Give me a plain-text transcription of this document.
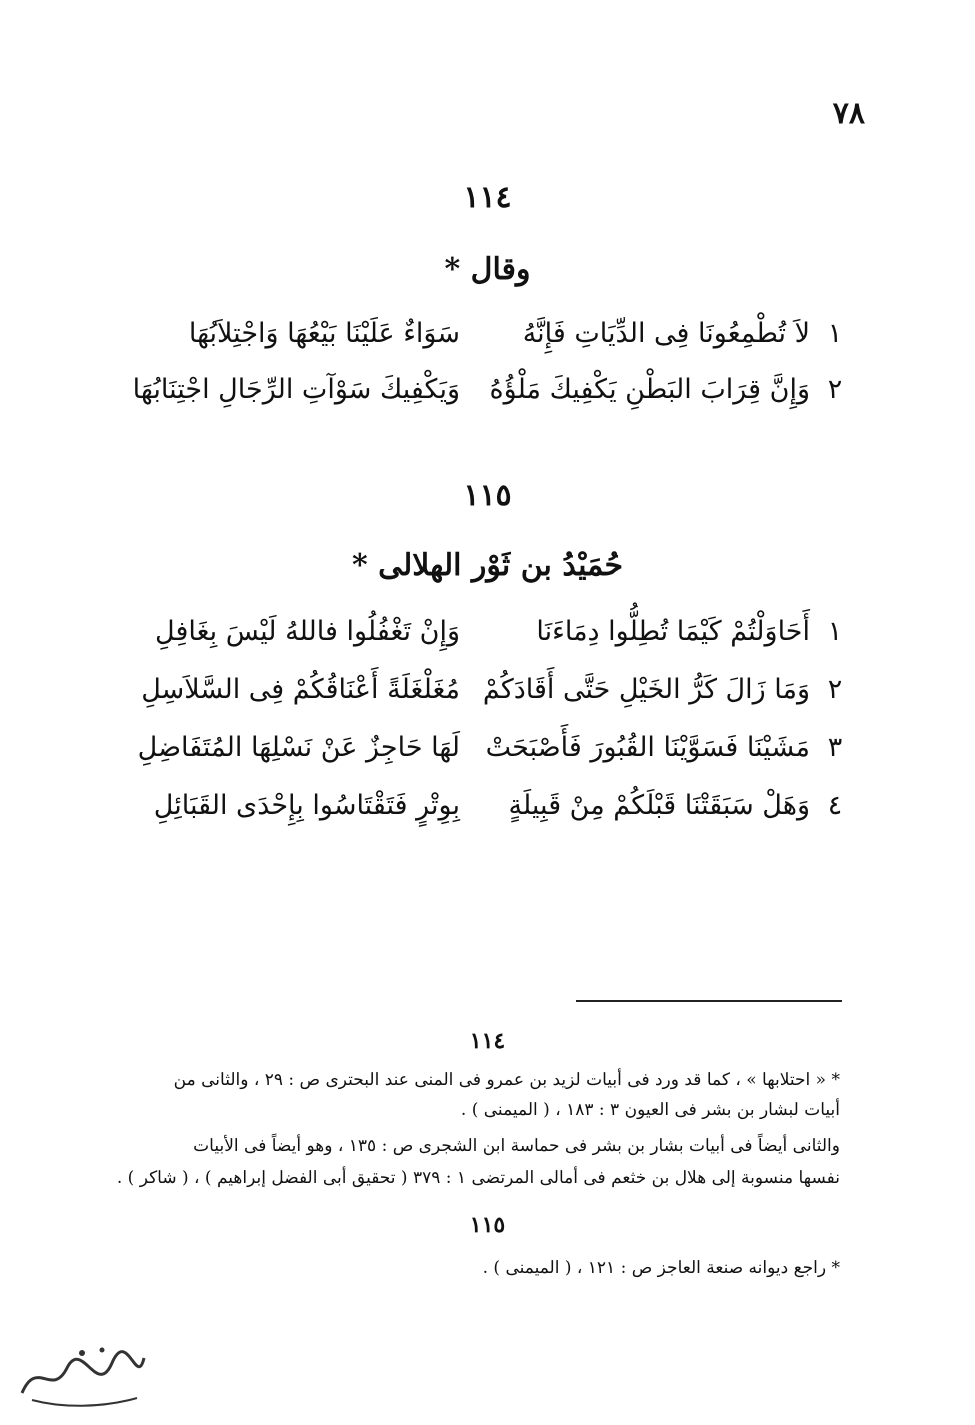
٧٨
١١٤
وقال *
١
لاَ تُطْمِعُونَا فِى الدِّيَاتِ فَإِنَّهُ
سَوَاءٌ عَلَيْنَا بَيْعُهَا وَاجْتِلاَبُهَا
٢
وَإِنَّ قِرَابَ البَطْنِ يَكْفِيكَ مَلْؤُهُ
وَيَكْفِيكَ سَوْآتِ الرِّجَالِ اجْتِنَابُهَا
١١٥
حُمَيْدُ بن ثَوْر الهلالى *
١
أَحَاوَلْتُمْ كَيْمَا تُطِلُّوا دِمَاءَنَا
وَإِنْ تَغْفُلُوا فاللهُ لَيْسَ بِغَافِلِ
٢
وَمَا زَالَ كَرُّ الخَيْلِ حَتَّى أَقَادَكُمْ
مُغَلْغَلَةً أَعْنَاقُكُمْ فِى السَّلاَسِلِ
٣
مَشَيْنَا فَسَوَّيْنَا القُبُورَ فَأَصْبَحَتْ
لَهَا حَاجِزٌ عَنْ نَسْلِهَا المُتَفَاضِلِ
٤
وَهَلْ سَبَقَتْنَا قَبْلَكُمْ مِنْ قَبِيلَةٍ
بِوِتْرٍ فَتَقْتَاسُوا بِإِحْدَى القَبَائِلِ
١١٤
* « احتلابها » ، كما قد ورد فى أبيات لزيد بن عمرو فى المنى عند البحترى ص : ٢٩ ، والثانى من
أبيات لبشار بن بشر فى العيون ٣ : ١٨٣ ، ( الميمنى ) .
والثانى أيضاً فى أبيات بشار بن بشر فى حماسة ابن الشجرى ص : ١٣٥ ، وهو أيضاً فى الأبيات
نفسها منسوبة إلى هلال بن خثعم فى أمالى المرتضى ١ : ٣٧٩ ( تحقيق أبى الفضل إبراهيم ) ، ( شاكر ) .
١١٥
* راجع ديوانه صنعة العاجز ص : ١٢١ ، ( الميمنى ) .
